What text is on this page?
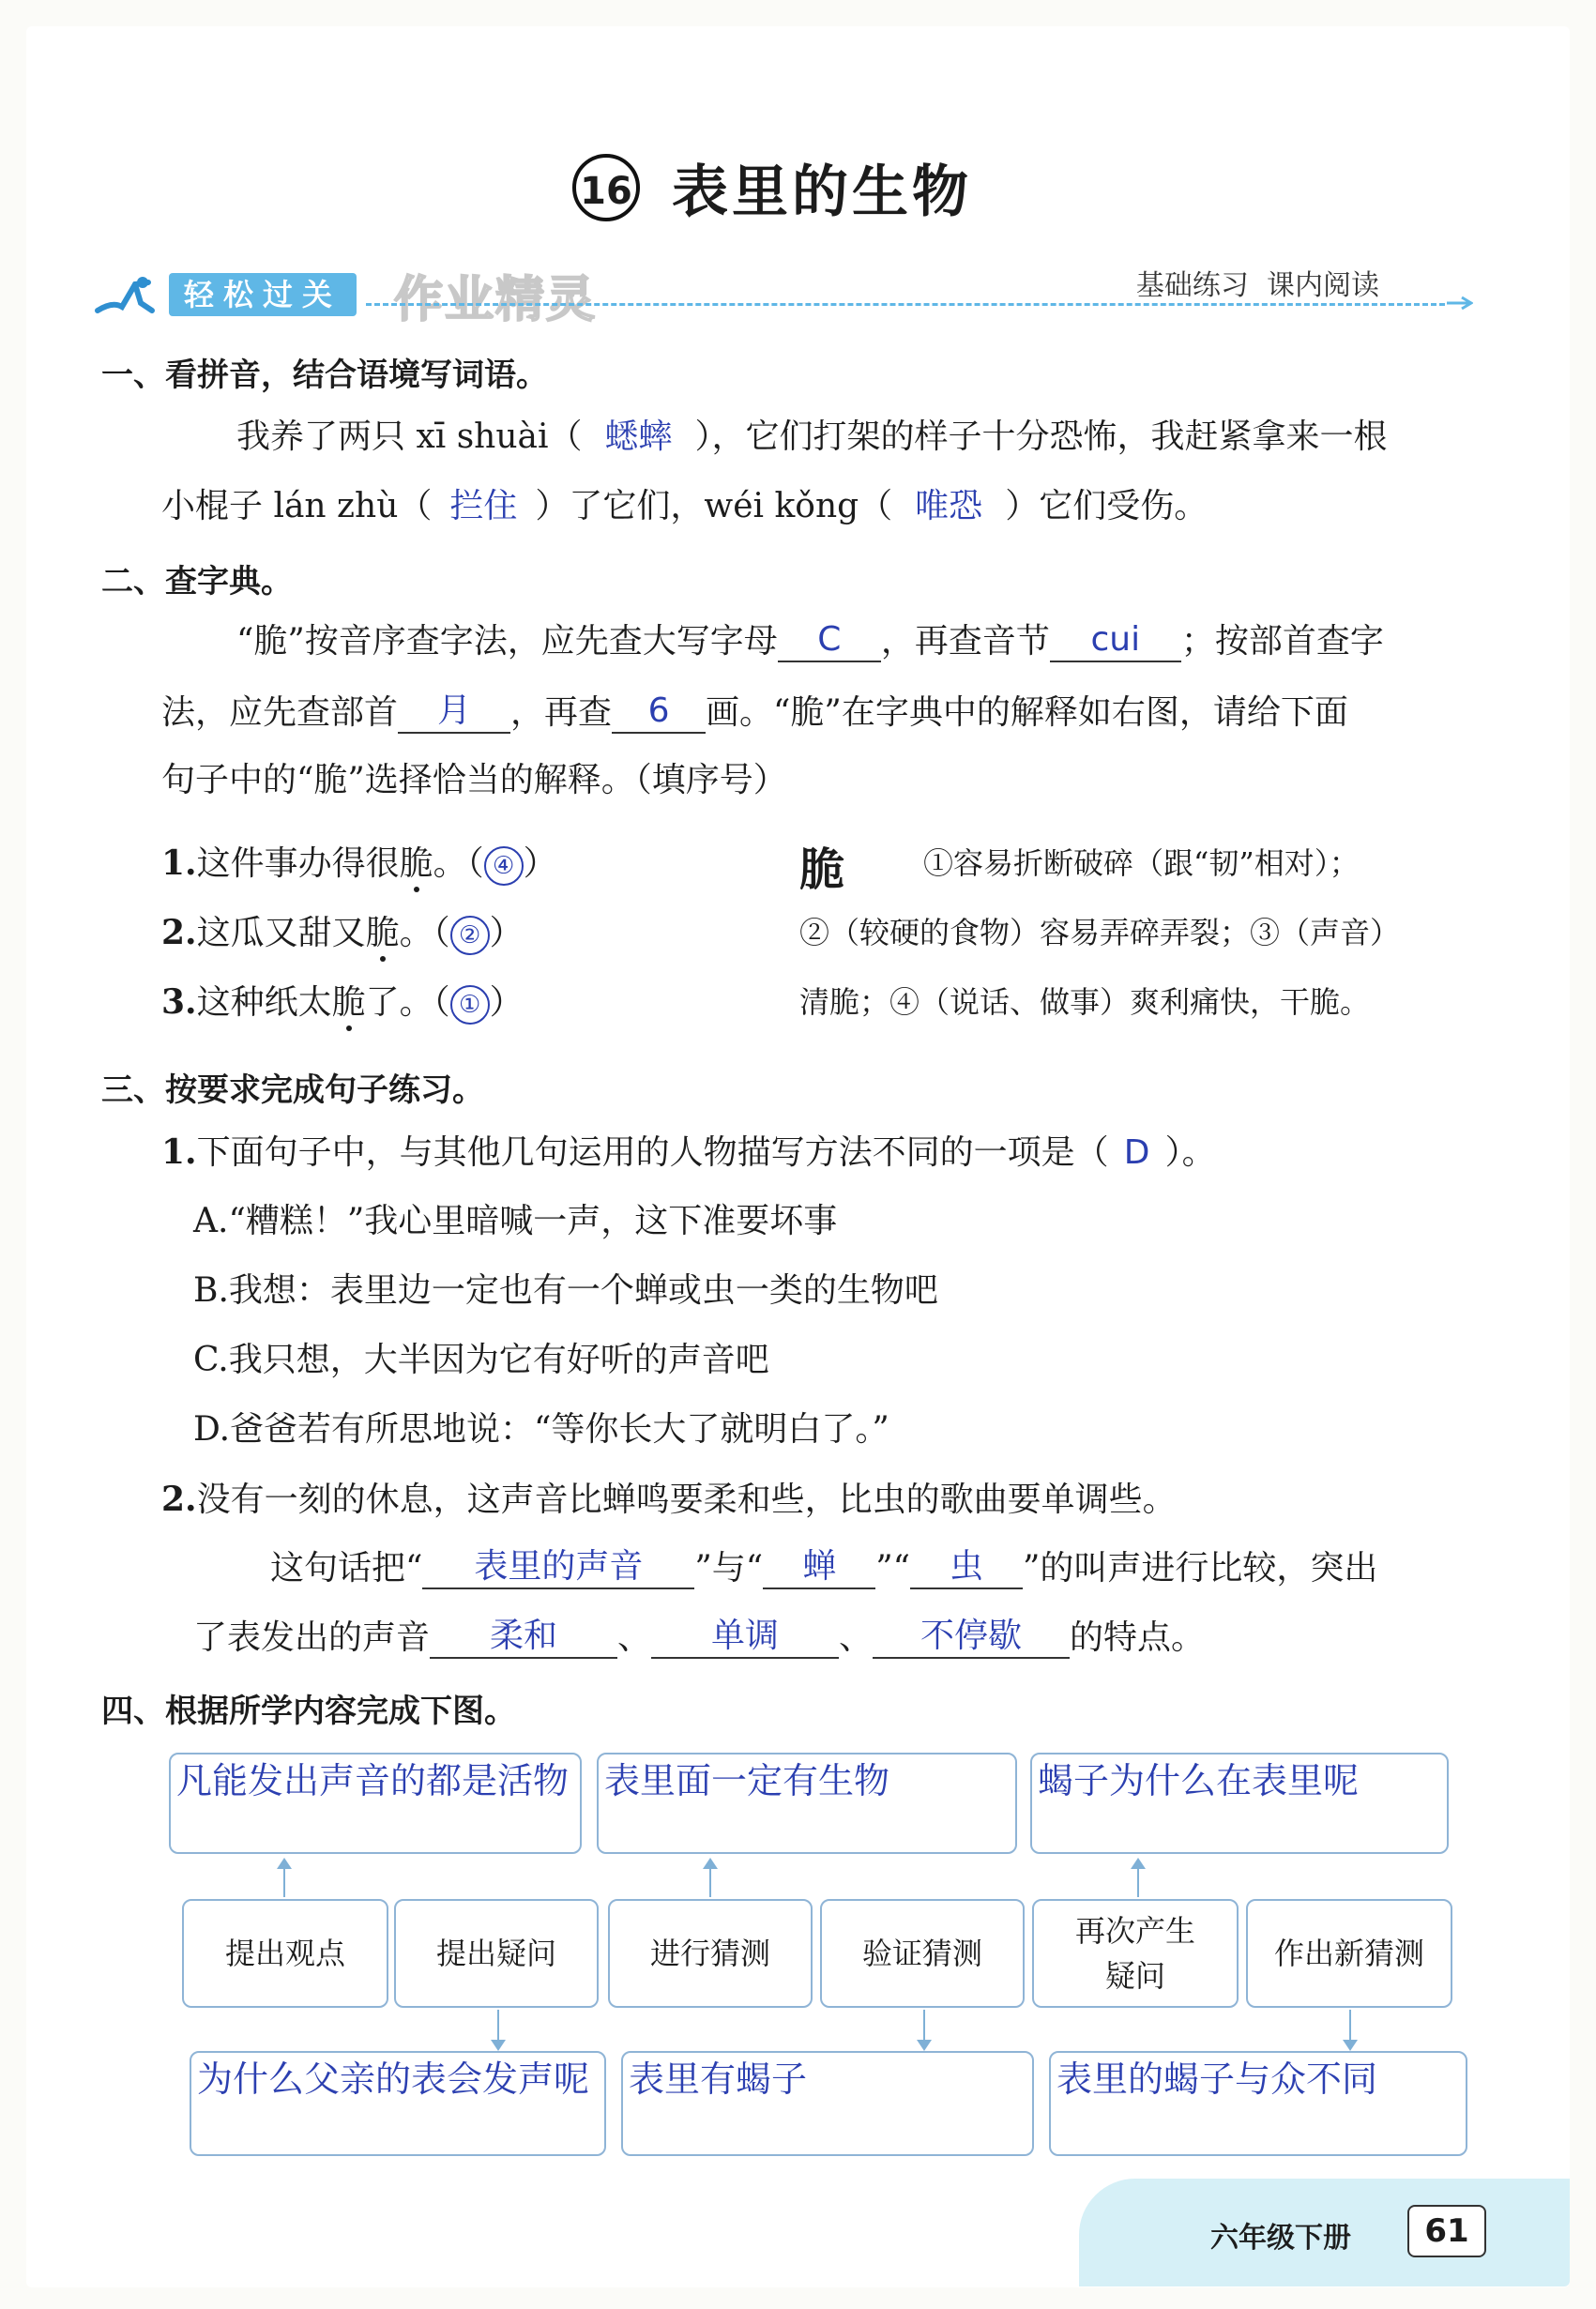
16 表里的生物
轻松过关	作业精灵	基础练习  课内阅读
一、看拼音，结合语境写词语。
我养了两只 xī shuài（ 蟋蟀 ），它们打架的样子十分恐怖，我赶紧拿来一根
小棍子 lán zhù（ 拦住 ）了它们，wéi kǒng（ 唯恐 ）它们受伤。
二、查字典。
“脆”按音序查字法，应先查大写字母 C ，再查音节 cui ；按部首查字
法，应先查部首 月 ，再查 6 画。“脆”在字典中的解释如右图，请给下面
句子中的“脆”选择恰当的解释。（填序号）
1.这件事办得很脆。（ ④ ）
2.这瓜又甜又脆。（ ② ）
3.这种纸太脆了。（ ① ）
脆	①容易折断破碎（跟“韧”相对）；
②（较硬的食物）容易弄碎弄裂；③（声音）
清脆；④（说话、做事）爽利痛快，干脆。
三、按要求完成句子练习。
1.下面句子中，与其他几句运用的人物描写方法不同的一项是（ D ）。
A.“糟糕！”我心里暗喊一声，这下准要坏事
B.我想：表里边一定也有一个蝉或虫一类的生物吧
C.我只想，大半因为它有好听的声音吧
D.爸爸若有所思地说：“等你长大了就明白了。”
2.没有一刻的休息，这声音比蝉鸣要柔和些，比虫的歌曲要单调些。
这句话把“ 表里的声音 ”与“ 蝉 ”“ 虫 ”的叫声进行比较，突出
了表发出的声音 柔和 、 单调 、 不停歇 的特点。
四、根据所学内容完成下图。
凡能发出声音的都是活物 表里面一定有生物	蝎子为什么在表里呢
提出观点	提出疑问	进行猜测	验证猜测
再次产生疑问
作出新猜测
为什么父亲的表会发声呢	表里有蝎子	表里的蝎子与众不同
六年级下册	61
